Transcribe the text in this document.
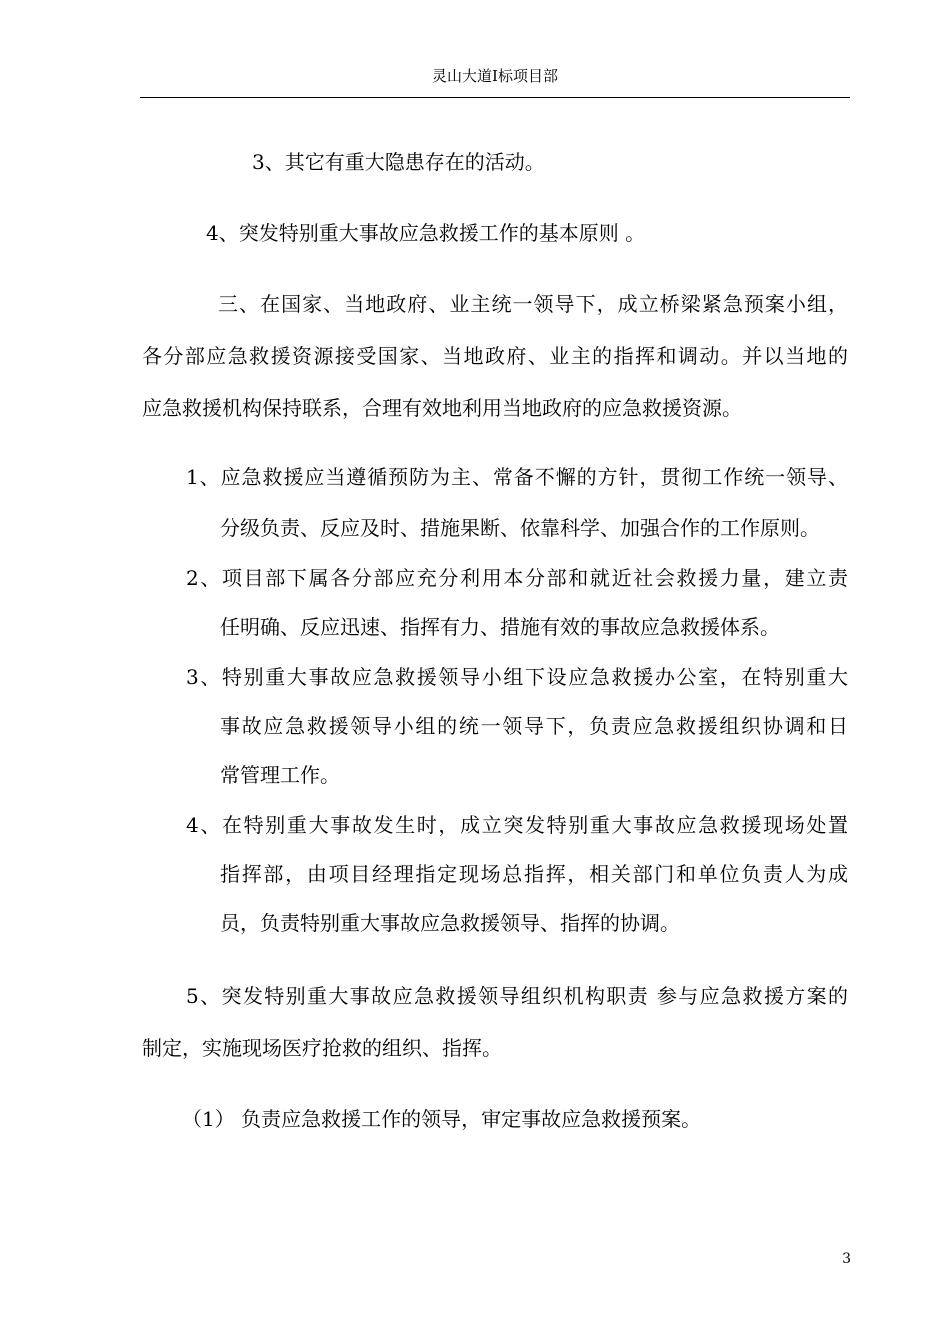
灵山大道Ⅰ标项目部
3、其它有重大隐患存在的活动。
4、突发特别重大事故应急救援工作的基本原则 。
三、在国家、当地政府、业主统一领导下，成立桥梁紧急预案小组，
各分部应急救援资源接受国家、当地政府、业主的指挥和调动。并以当地的
应急救援机构保持联系，合理有效地利用当地政府的应急救援资源。
1、应急救援应当遵循预防为主、常备不懈的方针，贯彻工作统一领导、
分级负责、反应及时、措施果断、依靠科学、加强合作的工作原则。
2、项目部下属各分部应充分利用本分部和就近社会救援力量，建立责
任明确、反应迅速、指挥有力、措施有效的事故应急救援体系。
3、特别重大事故应急救援领导小组下设应急救援办公室，在特别重大
事故应急救援领导小组的统一领导下，负责应急救援组织协调和日
常管理工作。
4、在特别重大事故发生时，成立突发特别重大事故应急救援现场处置
指挥部，由项目经理指定现场总指挥，相关部门和单位负责人为成
员，负责特别重大事故应急救援领导、指挥的协调。
5、突发特别重大事故应急救援领导组织机构职责 参与应急救援方案的
制定，实施现场医疗抢救的组织、指挥。
（1） 负责应急救援工作的领导，审定事故应急救援预案。
3
